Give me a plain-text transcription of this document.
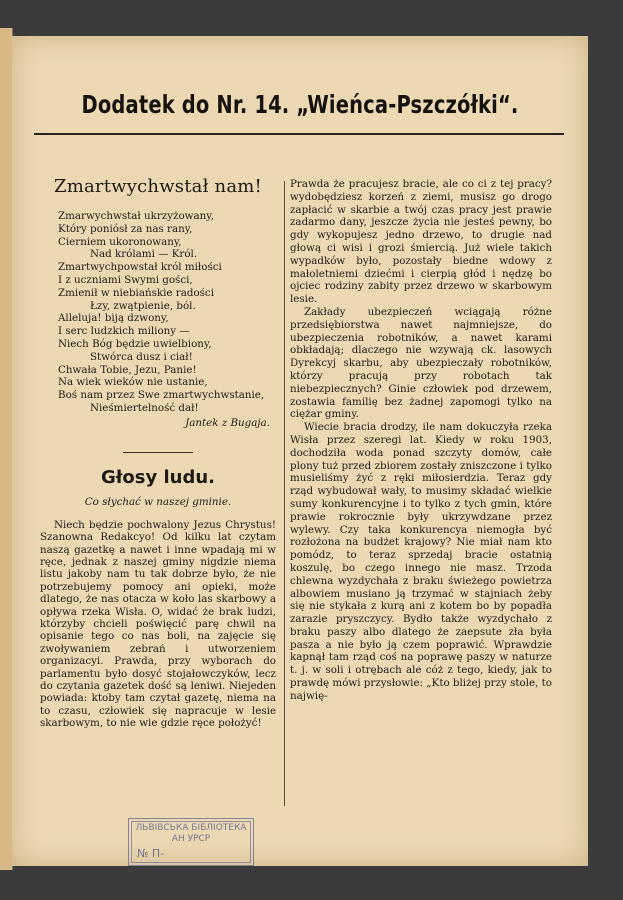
Dodatek do Nr. 14. „Wieńca-Pszczółki“.
Zmartwychwstał nam!
Zmarwychwstał ukrzyżowany,
Który poniósł za nas rany,
Cierniem ukoronowany,
Nad królami — Król.
Zmartwychpowstał król miłości
I z uczniami Swymi gości,
Zmienił w niebiańskie radości
Łzy, zwątpienie, ból.
Alleluja! biją dzwony,
I serc ludzkich miliony —
Niech Bóg będzie uwielbiony,
Stwórca dusz i ciał!
Chwała Tobie, Jezu, Panie!
Na wiek wieków nie ustanie,
Boś nam przez Swe zmartwychwstanie,
Nieśmiertelność dał!
Jantek z Bugaja.
Głosy ludu.
Co słychać w naszej gminie.

Niech będzie pochwalony Jezus Chrystus! Szanowna Redakcyo! Od kilku lat czytam naszą gazetkę a nawet i inne wpadają mi w ręce, jednak z naszej gminy nigdzie niema listu jakoby nam tu tak dobrze było, że nie potrzebujemy pomocy ani opieki, może dlatego, że nas otacza w koło las skarbowy a opływa rzeka Wisła. O, widać że brak ludzi, którzyby chcieli poświęcić parę chwil na opisanie tego co nas boli, na zajęcie się zwoływaniem zebrań i utworzeniem organizacyi. Prawda, przy wyborach do parlamentu było dosyć stojałowczyków, lecz do czytania gazetek dość są leniwi. Niejeden powiada: ktoby tam czytał gazetę, niema na to czasu, człowiek się napracuje w lesie skarbowym, to nie wie gdzie ręce położyć!

Prawda że pracujesz bracie, ale co ci z tej pracy? wydobędziesz korzeń z ziemi, musisz go drogo zapłacić w skarbie a twój czas pracy jest prawie zadarmo dany, jeszcze życia nie jesteś pewny, bo gdy wykopujesz jedno drzewo, to drugie nad głową ci wisi i grozi śmiercią. Już wiele takich wypadków było, pozostały biedne wdowy z małoletniemi dziećmi i cierpią głód i nędzę bo ojciec rodziny zabity przez drzewo w skarbowym lesie.

Zakłady ubezpieczeń wciągają różne przedsiębiorstwa nawet najmniejsze, do ubezpieczenia robotników, a nawet karami obkładają; dlaczego nie wzywają ck. lasowych Dyrekcyj skarbu, aby ubezpieczały robotników, którzy pracują przy robotach tak niebezpiecznych? Ginie człowiek pod drzewem, zostawia familię bez żadnej zapomogi tylko na ciężar gminy.

Wiecie bracia drodzy, ile nam dokuczyła rzeka Wisła przez szeregi lat. Kiedy w roku 1903, dochodziła woda ponad szczyty domów, całe plony tuż przed zbiorem zostały zniszczone i tylko musieliśmy żyć z ręki miłosierdzia. Teraz gdy rząd wybudował wały, to musimy składać wielkie sumy konkurencyjne i to tylko z tych gmin, które prawie rokrocznie były ukrzywdzane przez wylewy. Czy taka konkurencya niemogła być rozłożona na budżet krajowy? Nie miał nam kto pomódz, to teraz sprzedaj bracie ostatnią koszulę, bo czego innego nie masz. Trzoda chlewna wyzdychała z braku świeżego powietrza albowiem musiano ją trzymać w stajniach żeby się nie stykała z kurą ani z kotem bo by popadła zarazie pryszczycy. Bydło także wyzdychało z braku paszy albo dlatego że zaepsute zła była pasza a nie było ją czem poprawić. Wprawdzie kapnął tam rząd coś na poprawę paszy w naturze t. j. w soli i otrębach ale cóż z tego, kiedy, jak to prawdę mówi przysłowie: „Kto bliżej przy stole, to najwię-

ЛЬВІВСЬКА БІБЛІОТЕКА
АН УРСР
№ П-
